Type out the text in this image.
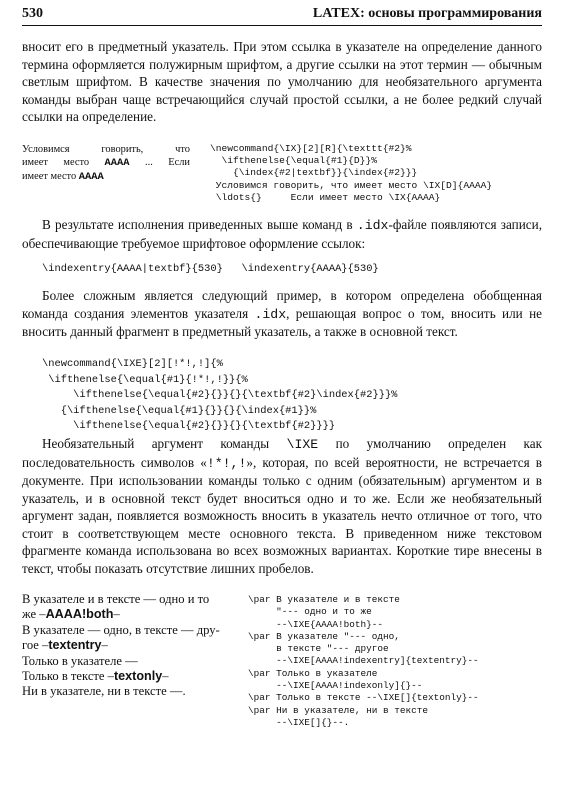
530	LATEX: основы программирования

вносит его в предметный указатель. При этом ссылка в указателе на определение данного термина оформляется полужирным шрифтом, а другие ссылки на этот термин — обычным светлым шрифтом. В качестве значения по умолчанию для необязательного аргумента команды выбран чаще встречающийся случай простой ссылки, а не более редкий случай ссылки на определение.

Условимся говорить, что
имеет место AAAA ... Если
имеет место AAAA
\newcommand{\IX}[2][R]{\texttt{#2}%
\ifthenelse{\equal{#1}{D}}%
{\index{#2|textbf}}{\index{#2}}}
Условимся говорить, что имеет место \IX[D]{AAAA}
\ldots{}     Если имеет место \IX{AAAA}

В результате исполнения приведенных выше команд в .idx-файле появляются записи, обеспечивающие требуемое шрифтовое оформление ссылок:

\indexentry{AAAA|textbf}{530}   \indexentry{AAAA}{530}

Более сложным является следующий пример, в котором определена обобщенная команда создания элементов указателя .idx, решающая вопрос о том, вносить или не вносить данный фрагмент в предметный указатель, а также в основной текст.

\newcommand{\IXE}[2][!*!,!]{%
\ifthenelse{\equal{#1}{!*!,!}}{%
\ifthenelse{\equal{#2}{}}{}{\textbf{#2}\index{#2}}}%
{\ifthenelse{\equal{#1}{}}{}{\index{#1}}%
\ifthenelse{\equal{#2}{}}{}{\textbf{#2}}}}

Необязательный аргумент команды \IXE по умолчанию определен как последовательность символов «!*!,!», которая, по всей вероятности, не встречается в документе. При использовании команды только с одним (обязательным) аргументом и в указатель, и в основной текст будет вноситься одно и то же. Если же необязательный аргумент задан, появляется возможность вносить в указатель нечто отличное от того, что стоит в соответствующем месте основного текста. В приведенном ниже текстовом фрагменте команда использована во всех возможных вариантах. Короткие тире внесены в текст, чтобы показать отсутствие лишних пробелов.

В указателе и в тексте — одно и то
же –AAAA!both–
В указателе — одно, в тексте — дру-
гое –textentry–
Только в указателе —
Только в тексте –textonly–
Ни в указателе, ни в тексте —.
\par В указателе и в тексте
"--- одно и то же
--\IXE{AAAA!both}--
\par В указателе "--- одно,
в тексте "--- другое
--\IXE[AAAA!indexentry]{textentry}--
\par Только в указателе
--\IXE[AAAA!indexonly]{}--
\par Только в тексте --\IXE[]{textonly}--
\par Ни в указателе, ни в тексте
--\IXE[]{}--.
